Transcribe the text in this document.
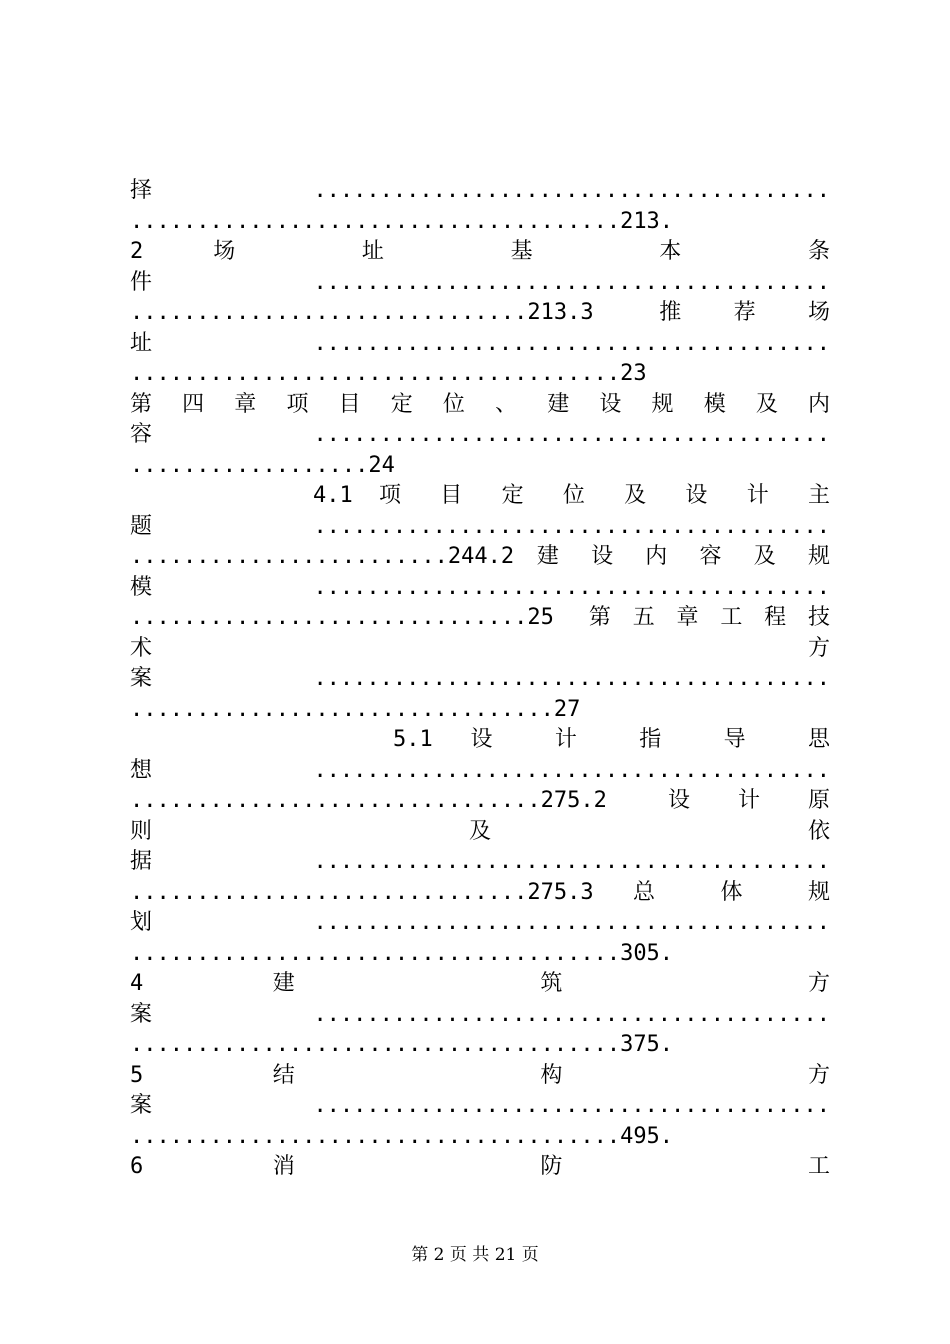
择.......................................
.....................................213.
2 场 址 基 本 条
件.......................................
..............................213.3 推荐场
址.......................................
.....................................23
第 四 章 项 目 定 位 、 建 设 规 模 及 内
容.......................................
..................24
4.1 项 目 定 位 及 设 计 主
题.......................................
........................244.2 建 设 内 容 及 规
模.......................................
..............................25 第五章工程技
术 方
案.......................................
................................27
5.1 设 计 指 导 思
想.......................................
...............................275.2 设计原
则 及 依
据.......................................
..............................275.3 总 体 规
划.......................................
.....................................305.
4 建 筑 方
案.......................................
.....................................375.
5 结 构 方
案.......................................
.....................................495.
6 消 防 工
第 2 页 共 21 页
